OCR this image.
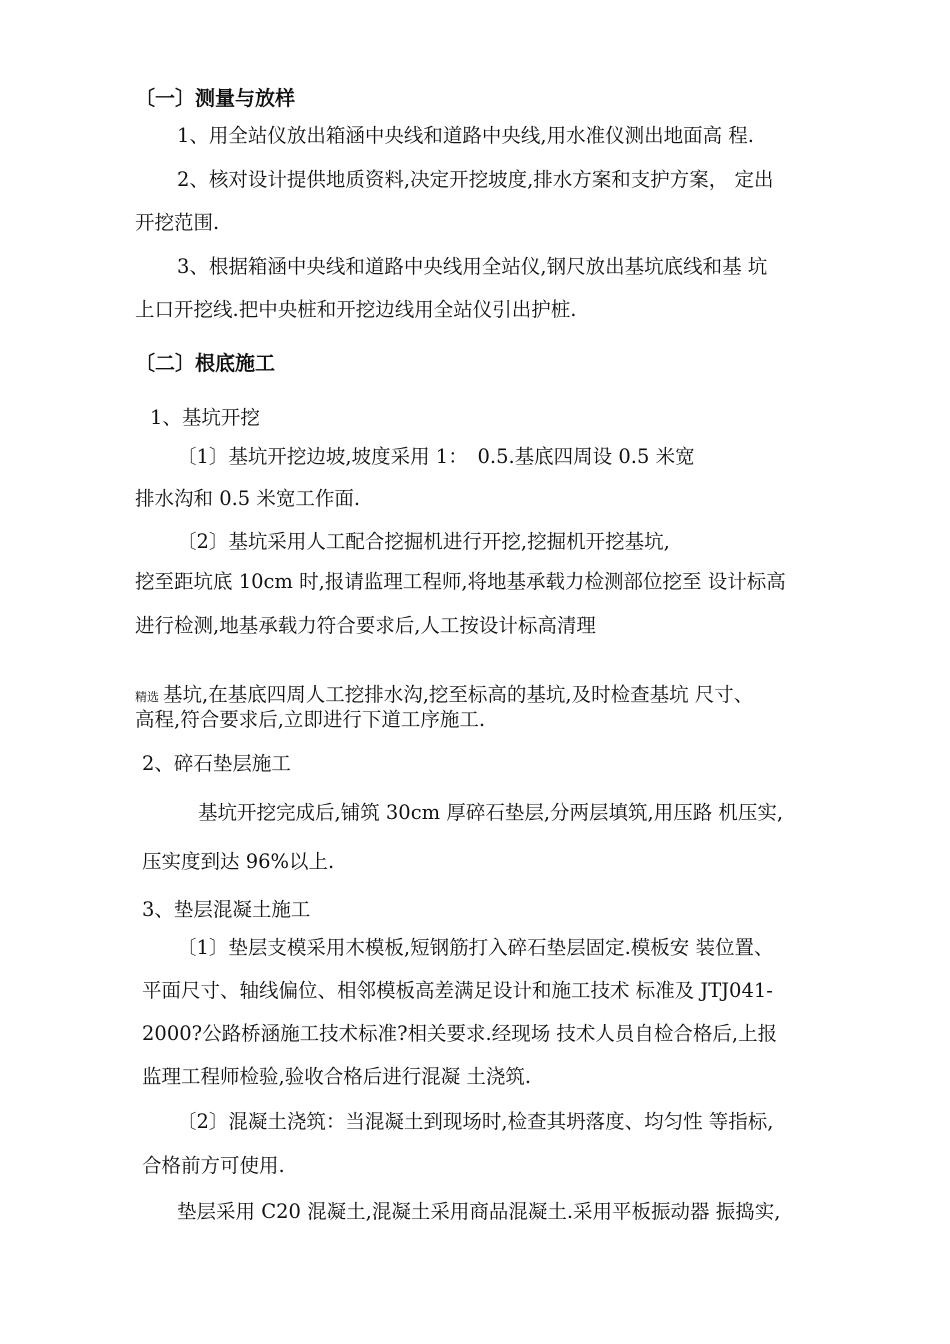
〔一〕测量与放样
1、用全站仪放出箱涵中央线和道路中央线,用水准仪测出地面高 程.
2、核对设计提供地质资料,决定开挖坡度,排水方案和支护方案， 定出
开挖范围.
3、根据箱涵中央线和道路中央线用全站仪,钢尺放出基坑底线和基 坑
上口开挖线.把中央桩和开挖边线用全站仪引出护桩.
〔二〕根底施工
1、基坑开挖
〔1〕基坑开挖边坡,坡度采用 1：　0.5.基底四周设 0.5 米宽
排水沟和 0.5 米宽工作面.
〔2〕基坑采用人工配合挖掘机进行开挖,挖掘机开挖基坑,
挖至距坑底 10cm 时,报请监理工程师,将地基承载力检测部位挖至 设计标高
进行检测,地基承载力符合要求后,人工按设计标高清理
精选 基坑,在基底四周人工挖排水沟,挖至标高的基坑,及时检查基坑 尺寸、
高程,符合要求后,立即进行下道工序施工.
2、碎石垫层施工
基坑开挖完成后,铺筑 30cm 厚碎石垫层,分两层填筑,用压路 机压实,
压实度到达 96%以上.
3、垫层混凝土施工
〔1〕垫层支模采用木模板,短钢筋打入碎石垫层固定.模板安 装位置、
平面尺寸、轴线偏位、相邻模板高差满足设计和施工技术 标准及 JTJ041-
2000?公路桥涵施工技术标准?相关要求.经现场 技术人员自检合格后,上报
监理工程师检验,验收合格后进行混凝 土浇筑.
〔2〕混凝土浇筑：当混凝土到现场时,检查其坍落度、均匀性 等指标,
合格前方可使用.
垫层采用 C20 混凝土,混凝土采用商品混凝土.采用平板振动器 振捣实,
